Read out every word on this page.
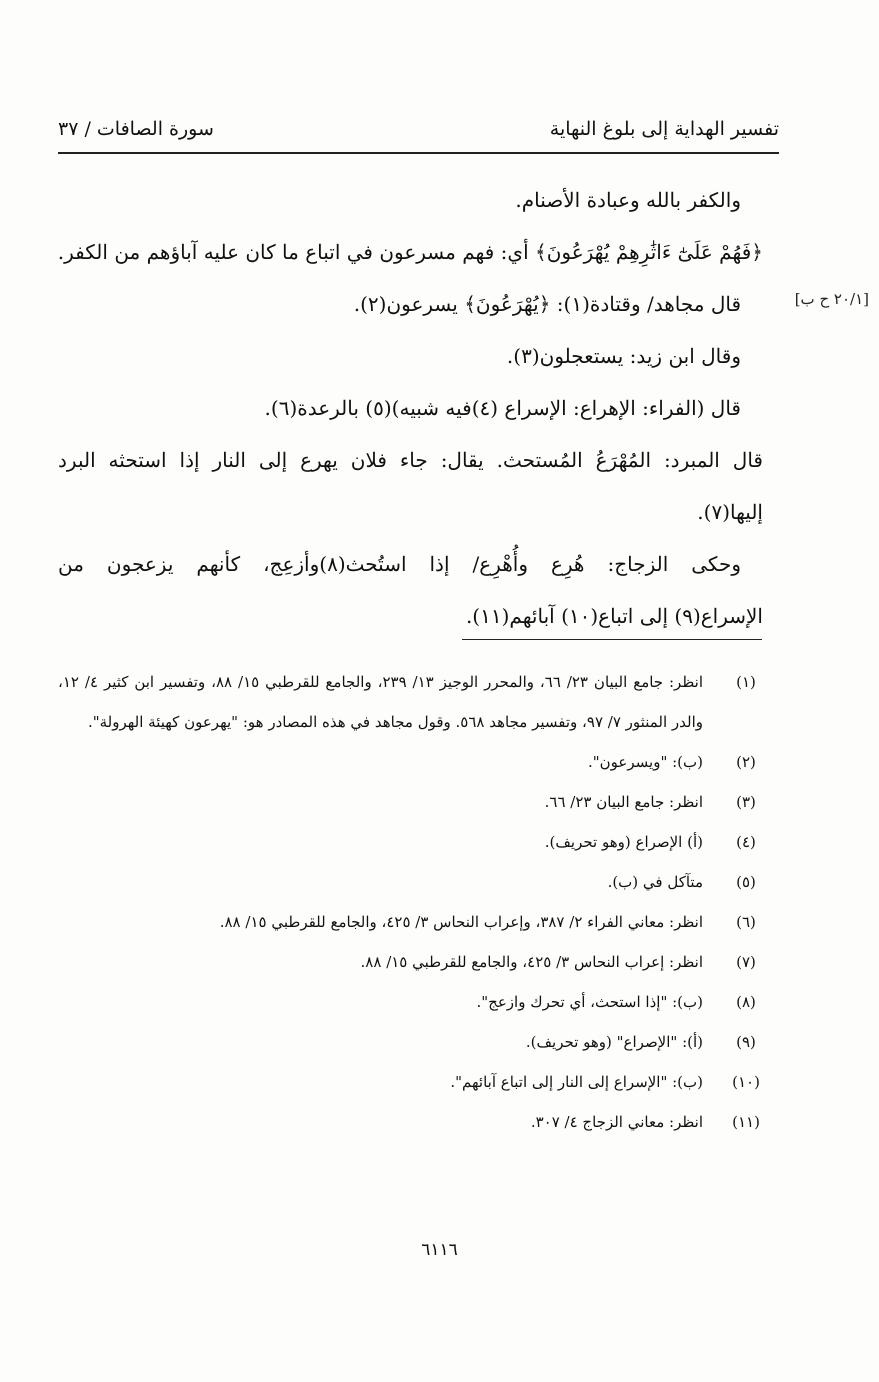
تفسير الهداية إلى بلوغ النهاية
سورة الصافات / ٣٧
[٢٠/١ ح ب]
والكفر بالله وعبادة الأصنام.
﴿فَهُمْ عَلَىٰٓ ءَاثَٰرِهِمْ يُهْرَعُونَ﴾ أي: فهم مسرعون في اتباع ما كان عليه آباؤهم من الكفر.
قال مجاهد/ وقتادة(١): ﴿يُهْرَعُونَ﴾ يسرعون(٢).
وقال ابن زيد: يستعجلون(٣).
قال (الفراء: الإهراع: الإسراع (٤)فيه شبيه)(٥) بالرعدة(٦).
قال المبرد: المُهْرَعُ المُستحث. يقال: جاء فلان يهرع إلى النار إذا استحثه البرد
إليها(٧).
وحكى الزجاج: هُرِع وأُهْرِع/ إذا استُحث(٨)وأزعِج، كأنهم يزعجون من
الإسراع(٩) إلى اتباع(١٠) آبائهم(١١).
(١)
انظر: جامع البيان ٢٣/ ٦٦، والمحرر الوجيز ١٣/ ٢٣٩، والجامع للقرطبي ١٥/ ٨٨، وتفسير ابن كثير ٤/ ١٢، والدر المنثور ٧/ ٩٧، وتفسير مجاهد ٥٦٨. وقول مجاهد في هذه المصادر هو: "يهرعون كهيئة الهرولة".
(٢)
(ب): "ويسرعون".
(٣)
انظر: جامع البيان ٢٣/ ٦٦.
(٤)
(أ) الإصراع (وهو تحريف).
(٥)
متآكل في (ب).
(٦)
انظر: معاني الفراء ٢/ ٣٨٧، وإعراب النحاس ٣/ ٤٢٥، والجامع للقرطبي ١٥/ ٨٨.
(٧)
انظر: إعراب النحاس ٣/ ٤٢٥، والجامع للقرطبي ١٥/ ٨٨.
(٨)
(ب): "إذا استحث، أي تحرك وازعج".
(٩)
(أ): "الإصراع" (وهو تحريف).
(١٠)
(ب): "الإسراع إلى النار إلى اتباع آبائهم".
(١١)
انظر: معاني الزجاج ٤/ ٣٠٧.
٦١١٦
